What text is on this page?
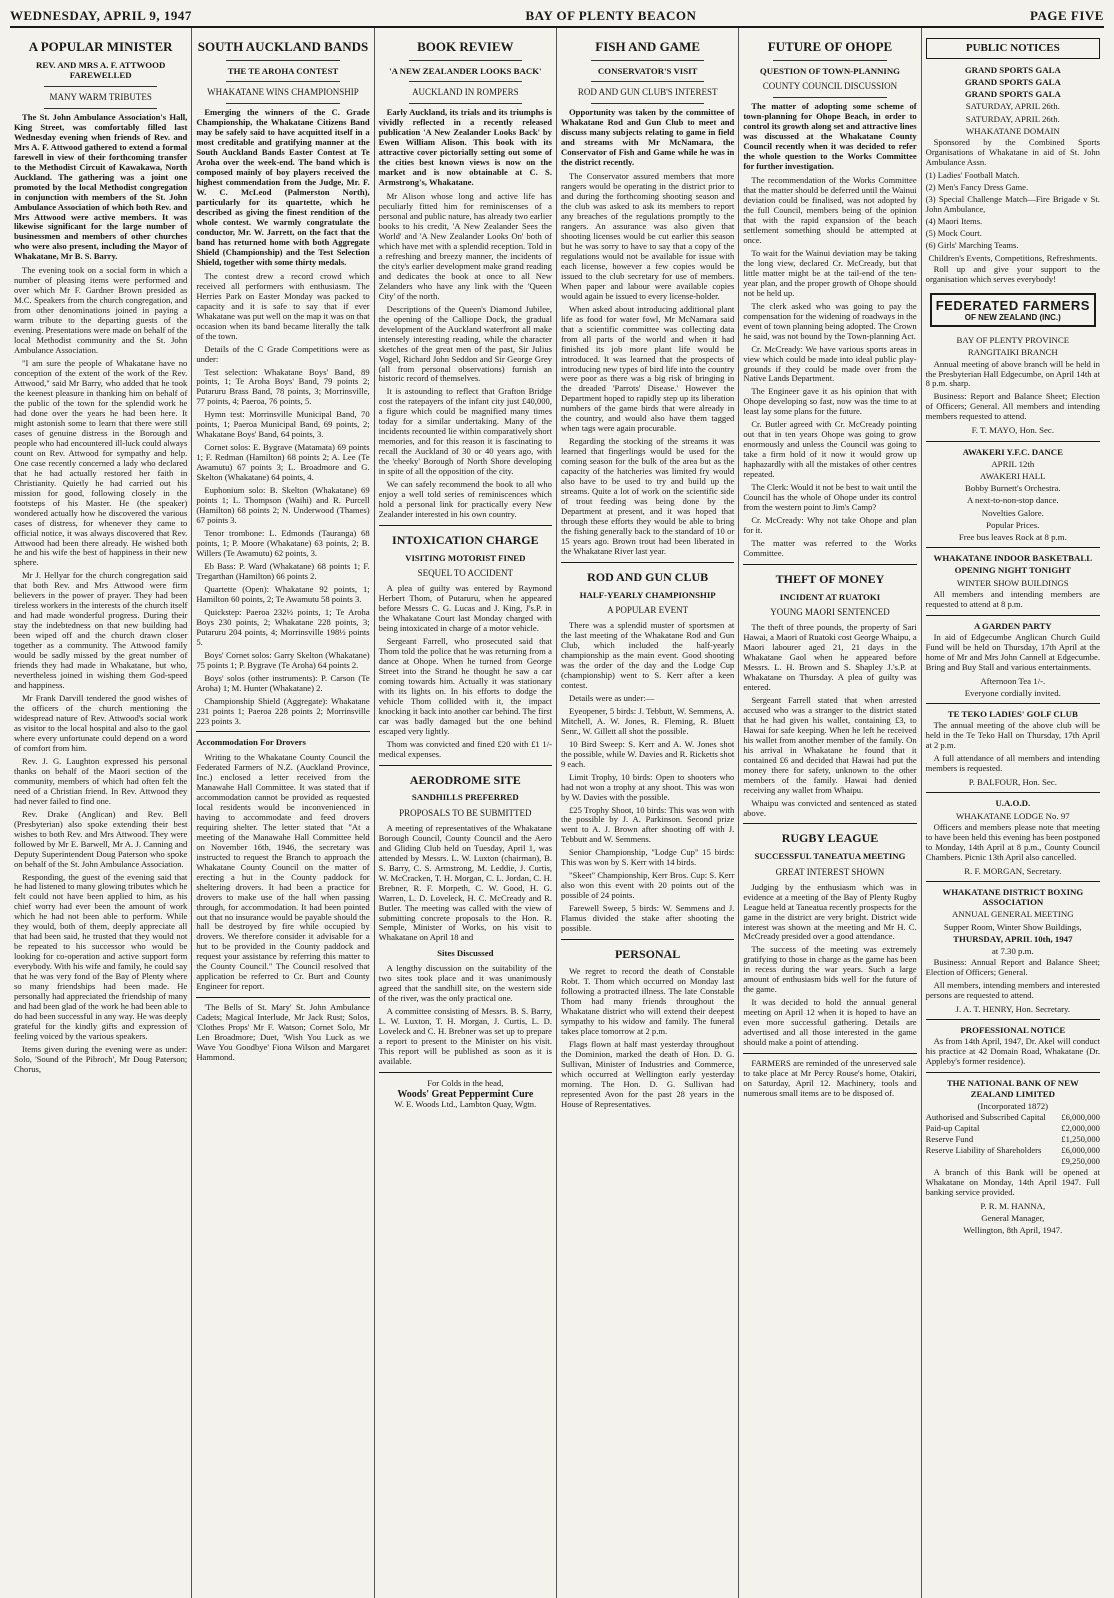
WEDNESDAY, APRIL 9, 1947	BAY OF PLENTY BEACON	PAGE FIVE
A POPULAR MINISTER
REV. AND MRS A. F. ATTWOOD FAREWELLED
MANY WARM TRIBUTES
The St. John Ambulance Association's Hall, King Street, was comfortably filled last Wednesday evening when friends of Rev. and Mrs A. F. Attwood gathered to extend a formal farewell in view of their forthcoming transfer to the Methodist Circuit of Kawakawa, North Auckland. The gathering was a joint one promoted by the local Methodist congregation in conjunction with members of the St. John Ambulance Association of which both Rev. and Mrs Attwood were active members. It was likewise significant for the large number of businessmen and members of other churches who were also present, including the Mayor of Whakatane, Mr B. S. Barry.

The evening took on a social form in which a number of pleasing items were performed and over which Mr F. Gardner Brown presided as M.C. Speakers from the church congregation, and from other denominations joined in paying a warm tribute to the departing guests of the evening. Presentations were made on behalf of the local Methodist community and the St. John Ambulance Association.

"I am sure the people of Whakatane have no conception of the extent of the work of the Rev. Attwood," said Mr Barry, who added that he took the keenest pleasure in thanking him on behalf of the public of the town for the splendid work he had done over the years he had been here. It might astonish some to learn that there were still cases of genuine distress in the Borough and people who had encountered ill-luck could always count on Rev. Attwood for sympathy and help. One case recently concerned a lady who declared that he had actually restored her faith in Christianity. Quietly he had carried out his mission for good, following closely in the footsteps of his Master. He (the speaker) wondered actually how he discovered the various cases of distress, for whenever they came to official notice, it was always discovered that Rev. Attwood had been there already. He wished both he and his wife the best of happiness in their new sphere.

Mr J. Hellyar for the church congregation said that both Rev. and Mrs Attwood were firm believers in the power of prayer. They had been tireless workers in the interests of the church itself and had made wonderful progress. During their stay the indebtedness on that new building had been wiped off and the church drawn closer together as a community. The Attwood family would be sadly missed by the great number of friends they had made in Whakatane, but who, nevertheless joined in wishing them God-speed and happiness.

Mr Frank Darvill tendered the good wishes of the officers of the church mentioning the widespread nature of Rev. Attwood's social work as visitor to the local hospital and also to the gaol where every unfortunate could depend on a word of comfort from him.

Rev. J. G. Laughton expressed his personal thanks on behalf of the Maori section of the community, members of which had often felt the need of a Christian friend. In Rev. Attwood they had never failed to find one.

Rev. Drake (Anglican) and Rev. Bell (Presbyterian) also spoke extending their best wishes to both Rev. and Mrs Attwood. They were followed by Mr E. Barwell, Mr A. J. Canning and Deputy Superintendent Doug Paterson who spoke on behalf of the St. John Ambulance Association.

Responding, the guest of the evening said that he had listened to many glowing tributes which he felt could not have been applied to him, as his chief worry had ever been the amount of work which he had not been able to perform. While they would, both of them, deeply appreciate all that had been said, he trusted that they would not be repeated to his successor who would be looking for co-operation and active support form everybody. With his wife and family, he could say that he was very fond of the Bay of Plenty where so many friendships had been made. He personally had appreciated the friendship of many and had been glad of the work he had been able to do had been successful in any way. He was deeply grateful for the kindly gifts and expression of feeling voiced by the various speakers.

Items given during the evening were as under: Solo, 'Sound of the Pibroch', Mr Doug Paterson; Chorus,

SOUTH AUCKLAND BANDS
THE TE AROHA CONTEST
WHAKATANE WINS CHAMPIONSHIP
Emerging the winners of the C. Grade Championship, the Whakatane Citizens Band may be safely said to have acquitted itself in a most creditable and gratifying manner at the South Auckland Bands Easter Contest at Te Aroha over the week-end. The band which is composed mainly of boy players received the highest commendation from the Judge, Mr. F. W. C. McLeod (Palmerston North), particularly for its quartette, which he described as giving the finest rendition of the whole contest. We warmly congratulate the conductor, Mr. W. Jarrett, on the fact that the band has returned home with both Aggregate Shield (Championship) and the Test Selection Shield, together with some thirty medals.

The contest drew a record crowd which received all performers with enthusiasm. The Herries Park on Easter Monday was packed to capacity and it is safe to say that if ever Whakatane was put well on the map it was on that occasion when its band became literally the talk of the town.

Details of the C Grade Competitions were as under:

Test selection: Whakatane Boys' Band, 89 points, 1; Te Aroha Boys' Band, 79 points 2; Putaruru Brass Band, 78 points, 3; Morrinsville, 77 points, 4; Paeroa, 76 points, 5.

Hymn test: Morrinsville Municipal Band, 70 points, 1; Paeroa Municipal Band, 69 points, 2; Whakatane Boys' Band, 64 points, 3.

Cornet solos: E. Bygrave (Matamata) 69 points 1; F. Redman (Hamilton) 68 points 2; A. Lee (Te Awamutu) 67 points 3; L. Broadmore and G. Skelton (Whakatane) 64 points, 4.

Euphonium solo: B. Skelton (Whakatane) 69 points 1; L. Thompson (Waihi) and R. Purcell (Hamilton) 68 points 2; N. Underwood (Thames) 67 points 3.

Tenor trombone: L. Edmonds (Tauranga) 68 points, 1; P. Moore (Whakatane) 63 points, 2; B. Willers (Te Awamutu) 62 points, 3.

Eb Bass: P. Ward (Whakatane) 68 points 1; F. Tregarthan (Hamilton) 66 points 2.

Quartette (Open): Whakatane 92 points, 1; Hamilton 60 points, 2; Te Awamutu 58 points 3.

Quickstep: Paeroa 232½ points, 1; Te Aroha Boys 230 points, 2; Whakatane 228 points, 3; Putaruru 204 points, 4; Morrinsville 198½ points 5.

Boys' Cornet solos: Garry Skelton (Whakatane) 75 points 1; P. Bygrave (Te Aroha) 64 points 2.

Boys' solos (other instruments): P. Carson (Te Aroha) 1; M. Hunter (Whakatane) 2.

Championship Shield (Aggregate): Whakatane 231 points 1; Paeroa 228 points 2; Morrinsville 223 points 3.

Accommodation For Drovers

Writing to the Whakatane County Council the Federated Farmers of N.Z. (Auckland Province, Inc.) enclosed a letter received from the Manawahe Hall Committee. It was stated that if accommodation cannot be provided as requested local residents would be inconvenienced in having to accommodate and feed drovers requiring shelter. The letter stated that "At a meeting of the Manawahe Hall Committee held on November 16th, 1946, the secretary was instructed to request the Branch to approach the Whakatane County Council on the matter of erecting a hut in the County paddock for sheltering drovers. It had been a practice for drovers to make use of the hall when passing through, for accommodation. It had been pointed out that no insurance would be payable should the hall be destroyed by fire while occupied by drovers. We therefore consider it advisable for a hut to be provided in the County paddock and request your assistance by referring this matter to the County Council." The Council resolved that application be referred to Cr. Burt and County Engineer for report.

'The Bells of St. Mary' St. John Ambulance Cadets; Magical Interlude, Mr Jack Rust; Solos, 'Clothes Props' Mr F. Watson; Cornet Solo, Mr Len Broadmore; Duet, 'Wish You Luck as we Wave You Goodbye' Fiona Wilson and Margaret Hammond.

BOOK REVIEW
'A NEW ZEALANDER LOOKS BACK'
AUCKLAND IN ROMPERS
Early Auckland, its trials and its triumphs is vividly reflected in a recently released publication 'A New Zealander Looks Back' by Ewen William Alison. This book with its attractive cover pictorially setting out some of the cities best known views is now on the market and is now obtainable at C. S. Armstrong's, Whakatane.

Mr Alison whose long and active life has peculiarly fitted him for reminiscenses of a personal and public nature, has already two earlier books to his credit, 'A New Zealander Sees the World' and 'A New Zealander Looks On' both of which have met with a splendid reception. Told in a refreshing and breezy manner, the incidents of the city's earlier development make grand reading and dedicates the book at once to all New Zelanders who have any link with the 'Queen City' of the north.

Descriptions of the Queen's Diamond Jubilee, the opening of the Calliope Dock, the gradual development of the Auckland waterfront all make intensely interesting reading, while the character sketches of the great men of the past, Sir Julius Vogel, Richard John Seddon and Sir George Grey (all from personal observations) furnish an historic record of themselves.

It is astounding to reflect that Grafton Bridge cost the ratepayers of the infant city just £40,000, a figure which could be magnified many times today for a similar undertaking. Many of the incidents recounted lie within comparatively short memories, and for this reason it is fascinating to recall the Auckland of 30 or 40 years ago, with the 'cheeky' Borough of North Shore developing in spite of all the opposition of the city.

We can safely recommend the book to all who enjoy a well told series of reminiscences which hold a personal link for practically every New Zealander interested in his own country.

INTOXICATION CHARGE
VISITING MOTORIST FINED
SEQUEL TO ACCIDENT

A plea of guilty was entered by Raymond Herbert Thom, of Putaruru, when he appeared before Messrs C. G. Lucas and J. King, J's.P. in the Whakatane Court last Monday charged with being intoxicated in charge of a motor vehicle.

Sergeant Farrell, who prosecuted said that Thom told the police that he was returning from a dance at Ohope. When he turned from George Street into the Strand he thought he saw a car coming towards him. Actually it was stationary with its lights on. In his efforts to dodge the vehicle Thom collided with it, the impact knocking it back into another car behind. The first car was badly damaged but the one behind escaped very lightly.

Thom was convicted and fined £20 with £1 1/- medical expenses.

AERODROME SITE
SANDHILLS PREFERRED
PROPOSALS TO BE SUBMITTED

A meeting of representatives of the Whakatane Borough Council, County Council and the Aero and Gliding Club held on Tuesday, April 1, was attended by Messrs. L. W. Luxton (chairman), B. S. Barry, C. S. Armstrong, M. Leddie, J. Curtis, W. McCracken, T. H. Morgan, C. L. Jordan, C. H. Brebner, R. F. Morpeth, C. W. Good, H. G. Warren, L. D. Loveleck, H. C. McCready and R. Butler. The meeting was called with the view of submitting concrete proposals to the Hon. R. Semple, Minister of Works, on his visit to Whakatane on April 18 and

Sites Discussed

A lengthy discussion on the suitability of the two sites took place and it was unanimously agreed that the sandhill site, on the western side of the river, was the only practical one.

A committee consisting of Messrs. B. S. Barry, L. W. Luxton, T. H. Morgan, J. Curtis, L. D. Loveleck and C. H. Brebner was set up to prepare a report to present to the Minister on his visit. This report will be published as soon as it is available.

For Colds in the head,
Woods' Great Peppermint Cure
W. E. Woods Ltd., Lambton Quay, Wgtn.
FISH AND GAME
CONSERVATOR'S VISIT
ROD AND GUN CLUB'S INTEREST
Opportunity was taken by the committee of Whakatane Rod and Gun Club to meet and discuss many subjects relating to game in field and streams with Mr McNamara, the Conservator of Fish and Game while he was in the district recently.

The Conservator assured members that more rangers would be operating in the district prior to and during the forthcoming shooting season and the club was asked to ask its members to report any breaches of the regulations promptly to the rangers. An assurance was also given that shooting licenses would be cut earlier this season but he was sorry to have to say that a copy of the regulations would not be available for issue with each license, however a few copies would be issued to the club secretary for use of members. When paper and labour were available copies would again be issued to every license-holder.

When asked about introducing additional plant life as food for water fowl, Mr McNamara said that a scientific committee was collecting data from all parts of the world and when it had finished its job more plant life would be introduced. It was learned that the prospects of introducing new types of bird life into the country were poor as there was a big risk of bringing in the dreaded 'Parrots' Disease.' However the Department hoped to rapidly step up its liberation numbers of the game birds that were already in the country, and would also have them tagged when tags were again procurable.

Regarding the stocking of the streams it was learned that fingerlings would be used for the coming season for the bulk of the area but as the capacity of the hatcheries was limited fry would also have to be used to try and build up the streams. Quite a lot of work on the scientific side of trout feeding was being done by the Department at present, and it was hoped that through these efforts they would be able to bring the fishing generally back to the standard of 10 or 15 years ago. Brown trout had been liberated in the Whakatane River last year.

ROD AND GUN CLUB
HALF-YEARLY CHAMPIONSHIP
A POPULAR EVENT

There was a splendid muster of sportsmen at the last meeting of the Whakatane Rod and Gun Club, which included the half-yearly championship as the main event. Good shooting was the order of the day and the Lodge Cup (championship) went to S. Kerr after a keen contest.

Details were as under:—

Eyeopener, 5 birds: J. Tebbutt, W. Semmens, A. Mitchell, A. W. Jones, R. Fleming, R. Bluett Senr., W. Gillett all shot the possible.

10 Bird Sweep: S. Kerr and A. W. Jones shot the possible, while W. Davies and R. Ricketts shot 9 each.

Limit Trophy, 10 birds: Open to shooters who had not won a trophy at any shoot. This was won by W. Davies with the possible.

£25 Trophy Shoot, 10 birds: This was won with the possible by J. A. Parkinson. Second prize went to A. J. Brown after shooting off with J. Tebbutt and W. Semmens.

Senior Championship, "Lodge Cup" 15 birds: This was won by S. Kerr with 14 birds.

"Skeet" Championship, Kerr Bros. Cup: S. Kerr also won this event with 20 points out of the possible of 24 points.

Farewell Sweep, 5 birds: W. Semmens and J. Flamus divided the stake after shooting the possible.

PERSONAL

We regret to record the death of Constable Robt. T. Thom which occurred on Monday last following a protracted illness. The late Constable Thom had many friends throughout the Whakatane district who will extend their deepest sympathy to his widow and family. The funeral takes place tomorrow at 2 p.m.

Flags flown at half mast yesterday throughout the Dominion, marked the death of Hon. D. G. Sullivan, Minister of Industries and Commerce, which occurred at Wellington early yesterday morning. The Hon. D. G. Sullivan had represented Avon for the past 28 years in the House of Representatives.

FUTURE OF OHOPE
QUESTION OF TOWN-PLANNING
COUNTY COUNCIL DISCUSSION
The matter of adopting some scheme of town-planning for Ohope Beach, in order to control its growth along set and attractive lines was discussed at the Whakatane County Council recently when it was decided to refer the whole question to the Works Committee for further investigation.

The recommendation of the Works Committee that the matter should be deferred until the Wainui deviation could be finalised, was not adopted by the full Council, members being of the opinion that with the rapid expansion of the beach settlement something should be attempted at once.

To wait for the Wainui deviation may be taking the long view, declared Cr. McCready, but that little matter might be at the tail-end of the ten-year plan, and the proper growth of Ohope should not be held up.

The clerk asked who was going to pay the compensation for the widening of roadways in the event of town planning being adopted. The Crown he said, was not bound by the Town-planning Act.

Cr. McCready: We have various sports areas in view which could be made into ideal public play-grounds if they could be made over from the Native Lands Department.

The Engineer gave it as his opinion that with Ohope developing so fast, now was the time to at least lay some plans for the future.

Cr. Butler agreed with Cr. McCready pointing out that in ten years Ohope was going to grow enormously and unless the Council was going to take a firm hold of it now it would grow up haphazardly with all the mistakes of other centres repeated.

The Clerk: Would it not be best to wait until the Council has the whole of Ohope under its control from the western point to Jim's Camp?

Cr. McCready: Why not take Ohope and plan for it.

The matter was referred to the Works Committee.

THEFT OF MONEY
INCIDENT AT RUATOKI
YOUNG MAORI SENTENCED

The theft of three pounds, the property of Sari Hawai, a Maori of Ruatoki cost George Whaipu, a Maori labourer aged 21, 21 days in the Whakatane Gaol when he appeared before Messrs. L. H. Brown and S. Shapley J.'s.P. at Whakatane on Thursday. A plea of guilty was entered.

Sergeant Farrell stated that when arrested accused who was a stranger to the district stated that he had given his wallet, containing £3, to Hawai for safe keeping. When he left he received his wallet from another member of the family. On his arrival in Whakatane he found that it contained £6 and decided that Hawai had put the money there for safety, unknown to the other members of the family. Hawai had denied receiving any wallet from Whaipu.

Whaipu was convicted and sentenced as stated above.

RUGBY LEAGUE
SUCCESSFUL TANEATUA MEETING
GREAT INTEREST SHOWN

Judging by the enthusiasm which was in evidence at a meeting of the Bay of Plenty Rugby League held at Taneatua recently prospects for the game in the district are very bright. District wide interest was shown at the meeting and Mr H. C. McCready presided over a good attendance.

The success of the meeting was extremely gratifying to those in charge as the game has been in recess during the war years. Such a large amount of enthusiasm bids well for the future of the game.

It was decided to hold the annual general meeting on April 12 when it is hoped to have an even more successful gathering. Details are advertised and all those interested in the game should make a point of attending.

FARMERS are reminded of the unreserved sale to take place at Mr Percy Rouse's home, Otakiri, on Saturday, April 12. Machinery, tools and numerous small items are to be disposed of.

PUBLIC NOTICES
GRAND SPORTS GALA
GRAND SPORTS GALA
GRAND SPORTS GALA
SATURDAY, APRIL 26th.
SATURDAY, APRIL 26th.
WHAKATANE DOMAIN

Sponsored by the Combined Sports Organisations of Whakatane in aid of St. John Ambulance Assn.

(1) Ladies' Football Match.

(2) Men's Fancy Dress Game.

(3) Special Challenge Match—Fire Brigade v St. John Ambulance,

(4) Maori Items.

(5) Mock Court.

(6) Girls' Marching Teams.

Children's Events, Competitions, Refreshments.

Roll up and give your support to the organisation which serves everybody!

FEDERATED FARMERS
OF NEW ZEALAND (INC.)
BAY OF PLENTY PROVINCE
RANGITAIKI BRANCH

Annual meeting of above branch will be held in the Presbyterian Hall Edgecumbe, on April 14th at 8 p.m. sharp.

Business: Report and Balance Sheet; Election of Officers; General. All members and intending members requested to attend.

F. T. MAYO, Hon. Sec.
AWAKERI Y.F.C. DANCE
APRIL 12th
AWAKERI HALL
Bobby Burnett's Orchestra.
A next-to-non-stop dance.
Novelties Galore.
Popular Prices.
Free bus leaves Rock at 8 p.m.
WHAKATANE INDOOR BASKETBALL
OPENING NIGHT TONIGHT
WINTER SHOW BUILDINGS

All members and intending members are requested to attend at 8 p.m.

A GARDEN PARTY

In aid of Edgecumbe Anglican Church Guild Fund will be held on Thursday, 17th April at the home of Mr and Mrs John Cannell at Edgecumbe. Bring and Buy Stall and various entertainments.

Afternoon Tea 1/-.
Everyone cordially invited.
TE TEKO LADIES' GOLF CLUB

The annual meeting of the above club will be held in the Te Teko Hall on Thursday, 17th April at 2 p.m.

A full attendance of all members and intending members is requested.

P. BALFOUR, Hon. Sec.
U.A.O.D.
WHAKATANE LODGE No. 97

Officers and members please note that meeting to have been held this evening has been postponed to Monday, 14th April at 8 p.m., County Council Chambers. Picnic 13th April also cancelled.

R. F. MORGAN, Secretary.
WHAKATANE DISTRICT BOXING ASSOCIATION
ANNUAL GENERAL MEETING
Supper Room, Winter Show Buildings,
THURSDAY, APRIL 10th, 1947
at 7.30 p.m.

Business: Annual Report and Balance Sheet; Election of Officers; General.

All members, intending members and interested persons are requested to attend.

J. A. T. HENRY, Hon. Secretary.
PROFESSIONAL NOTICE

As from 14th April, 1947, Dr. Akel will conduct his practice at 42 Domain Road, Whakatane (Dr. Appleby's former residence).

THE NATIONAL BANK OF NEW ZEALAND LIMITED
(Incorporated 1872)
Authorised and Subscribed Capital £6,000,000
Paid-up Capital	£2,000,000
Reserve Fund	£1,250,000
Reserve Liability of Shareholders £6,000,000
£9,250,000

A branch of this Bank will be opened at Whakatane on Monday, 14th April 1947. Full banking service provided.

P. R. M. HANNA,
General Manager,
Wellington, 8th April, 1947.
